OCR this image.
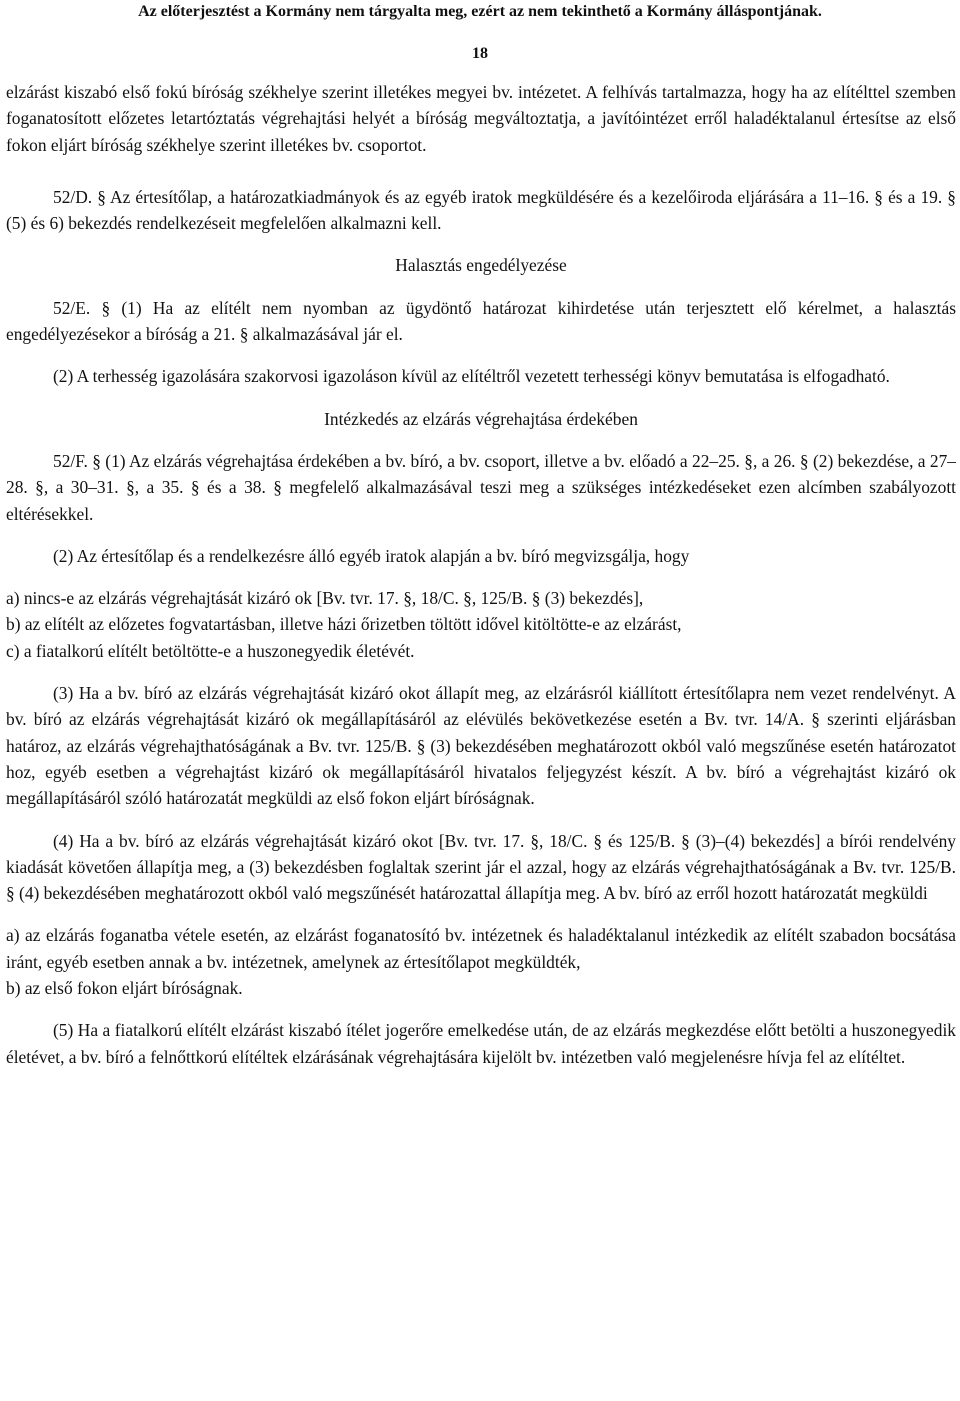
Az előterjesztést a Kormány nem tárgyalta meg, ezért az nem tekinthető a Kormány álláspontjának.
18

elzárást kiszabó első fokú bíróság székhelye szerint illetékes megyei bv. intézetet. A felhívás tartalmazza, hogy ha az elítélttel szemben foganatosított előzetes letartóztatás végrehajtási helyét a bíróság megváltoztatja, a javítóintézet erről haladéktalanul értesítse az első fokon eljárt bíróság székhelye szerint illetékes bv. csoportot.

52/D. § Az értesítőlap, a határozatkiadmányok és az egyéb iratok megküldésére és a kezelőiroda eljárására a 11–16. § és a 19. § (5) és 6) bekezdés rendelkezéseit megfelelően alkalmazni kell.

Halasztás engedélyezése

52/E. § (1) Ha az elítélt nem nyomban az ügydöntő határozat kihirdetése után terjesztett elő kérelmet, a halasztás engedélyezésekor a bíróság a 21. § alkalmazásával jár el.

(2) A terhesség igazolására szakorvosi igazoláson kívül az elítéltről vezetett terhességi könyv bemutatása is elfogadható.

Intézkedés az elzárás végrehajtása érdekében

52/F. § (1) Az elzárás végrehajtása érdekében a bv. bíró, a bv. csoport, illetve a bv. előadó a 22–25. §, a 26. § (2) bekezdése, a 27–28. §, a 30–31. §, a 35. § és a 38. § megfelelő alkalmazásával teszi meg a szükséges intézkedéseket ezen alcímben szabályozott eltérésekkel.

(2) Az értesítőlap és a rendelkezésre álló egyéb iratok alapján a bv. bíró megvizsgálja, hogy

a) nincs-e az elzárás végrehajtását kizáró ok [Bv. tvr. 17. §, 18/C. §, 125/B. § (3) bekezdés],

b) az elítélt az előzetes fogvatartásban, illetve házi őrizetben töltött idővel kitöltötte-e az elzárást,

c) a fiatalkorú elítélt betöltötte-e a huszonegyedik életévét.

(3) Ha a bv. bíró az elzárás végrehajtását kizáró okot állapít meg, az elzárásról kiállított értesítőlapra nem vezet rendelvényt. A bv. bíró az elzárás végrehajtását kizáró ok megállapításáról az elévülés bekövetkezése esetén a Bv. tvr. 14/A. § szerinti eljárásban határoz, az elzárás végrehajthatóságának a Bv. tvr. 125/B. § (3) bekezdésében meghatározott okból való megszűnése esetén határozatot hoz, egyéb esetben a végrehajtást kizáró ok megállapításáról hivatalos feljegyzést készít. A bv. bíró a végrehajtást kizáró ok megállapításáról szóló határozatát megküldi az első fokon eljárt bíróságnak.

(4) Ha a bv. bíró az elzárás végrehajtását kizáró okot [Bv. tvr. 17. §, 18/C. § és 125/B. § (3)–(4) bekezdés] a bírói rendelvény kiadását követően állapítja meg, a (3) bekezdésben foglaltak szerint jár el azzal, hogy az elzárás végrehajthatóságának a Bv. tvr. 125/B. § (4) bekezdésében meghatározott okból való megszűnését határozattal állapítja meg. A bv. bíró az erről hozott határozatát megküldi

a) az elzárás foganatba vétele esetén, az elzárást foganatosító bv. intézetnek és haladéktalanul intézkedik az elítélt szabadon bocsátása iránt, egyéb esetben annak a bv. intézetnek, amelynek az értesítőlapot megküldték,

b) az első fokon eljárt bíróságnak.

(5) Ha a fiatalkorú elítélt elzárást kiszabó ítélet jogerőre emelkedése után, de az elzárás megkezdése előtt betölti a huszonegyedik életévet, a bv. bíró a felnőttkorú elítéltek elzárásának végrehajtására kijelölt bv. intézetben való megjelenésre hívja fel az elítéltet.
